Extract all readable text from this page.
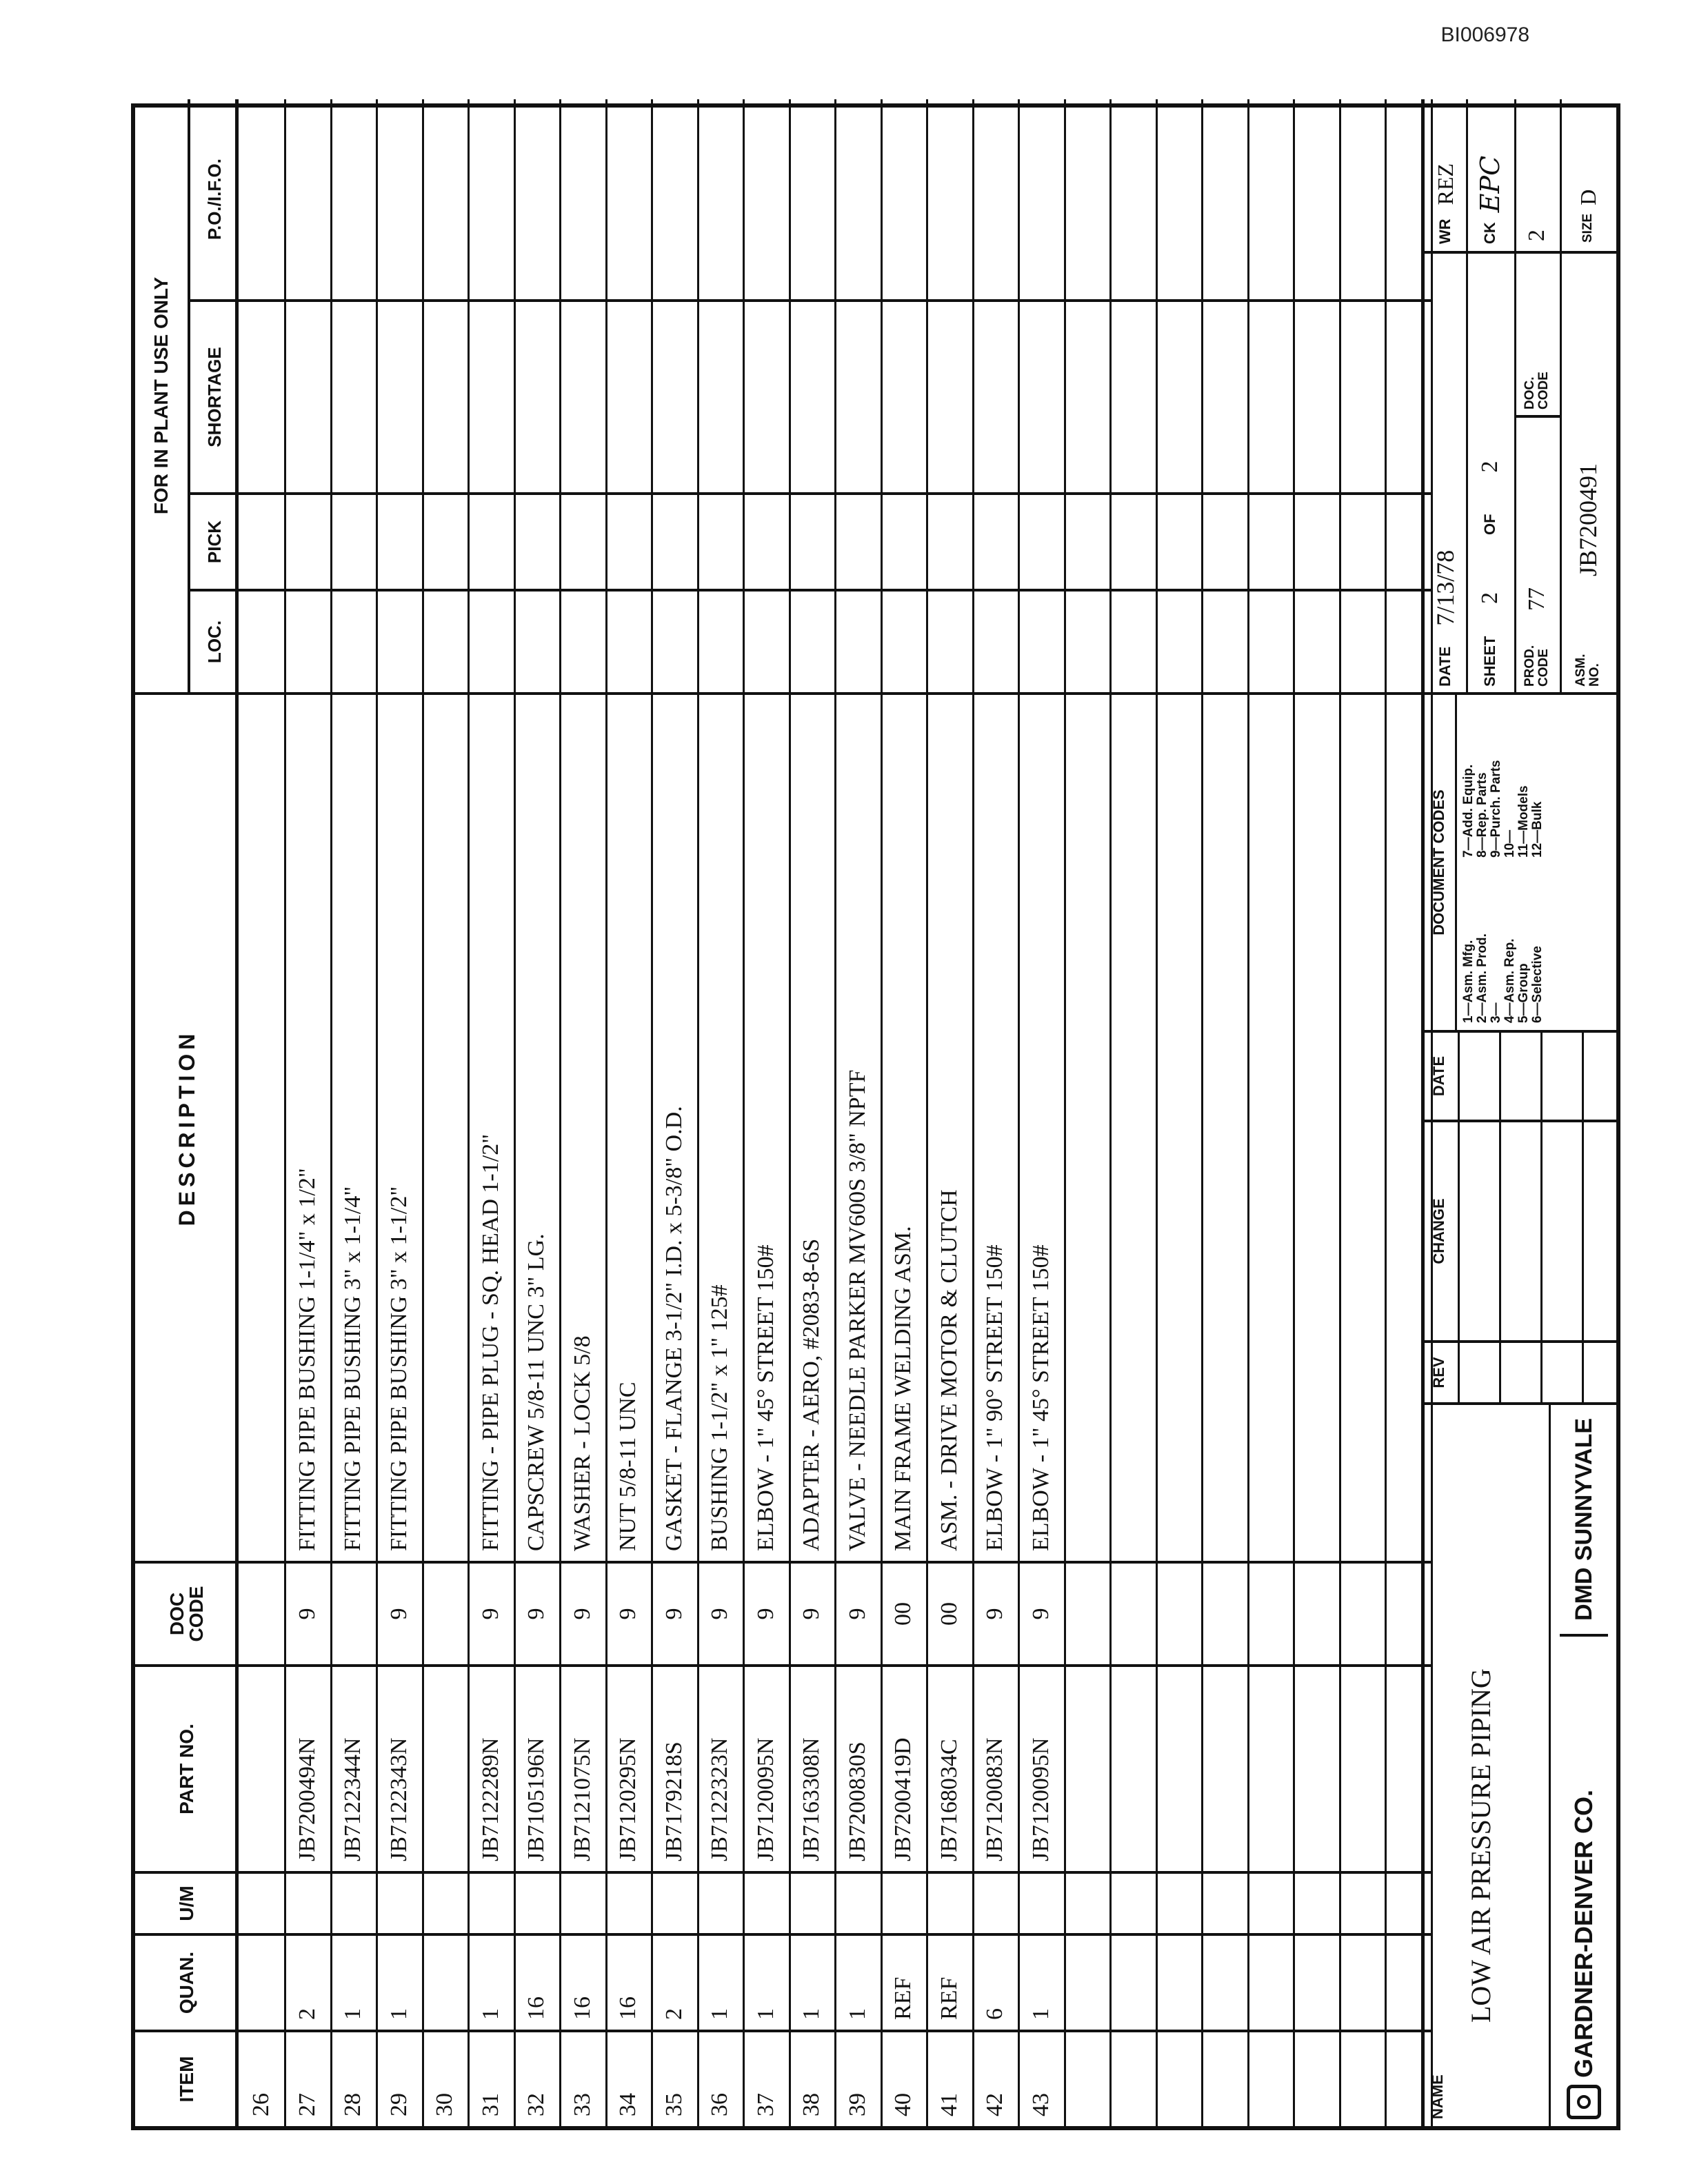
BI006978
ITEM
QUAN.
U/M
PART NO.
DOC CODE
DESCRIPTION
FOR IN PLANT USE ONLY
LOC.
PICK
SHORTAGE
P.O./I.F.O.
26 27
2
JB7200494N
9
FITTING PIPE BUSHING 1-1/4" x 1/2"
28
1
JB7122344N
FITTING PIPE BUSHING 3" x 1-1/4"
29
1
JB7122343N
9
FITTING PIPE BUSHING 3" x 1-1/2"
30 31
1
JB7122289N
9
FITTING - PIPE PLUG - SQ. HEAD 1-1/2"
32
16
JB7105196N
9
CAPSCREW 5/8-11 UNC 3" LG.
33
16
JB7121075N
9
WASHER - LOCK 5/8
34
16
JB7120295N
9
NUT 5/8-11 UNC
35
2
JB7179218S
9
GASKET - FLANGE 3-1/2" I.D. x 5-3/8" O.D.
36
1
JB7122323N
9
BUSHING 1-1/2" x 1" 125#
37
1
JB7120095N
9
ELBOW - 1" 45° STREET 150#
38
1
JB7163308N
9
ADAPTER - AERO, #2083-8-6S
39
1
JB7200830S
9
VALVE - NEEDLE PARKER MV600S 3/8" NPTF
40
REF
JB7200419D
00
MAIN FRAME WELDING ASM.
41
REF
JB7168034C
00
ASM. - DRIVE MOTOR & CLUTCH
42
6
JB7120083N
9
ELBOW - 1" 90° STREET 150#
43
1
JB7120095N
9
ELBOW - 1" 45° STREET 150#
NAME
LOW AIR PRESSURE PIPING	GARDNER-DENVER CO.
DMD SUNNYVALE
REV
CHANGE
DATE
DOCUMENT CODES
1—Asm. Mfg.
2—Asm. Prod.
3—
4—Asm. Rep.
5—Group
6—Selective
7—Add. Equip.
8—Rep. Parts
9—Purch. Parts
10—
11—Models
12—Bulk
DATE
7/13/78
WR
REZ
SHEET
2
OF
2
CK
EPC
PROD. CODE
77
DOC. CODE
2
ASM. NO.
JB7200491
SIZE
D
